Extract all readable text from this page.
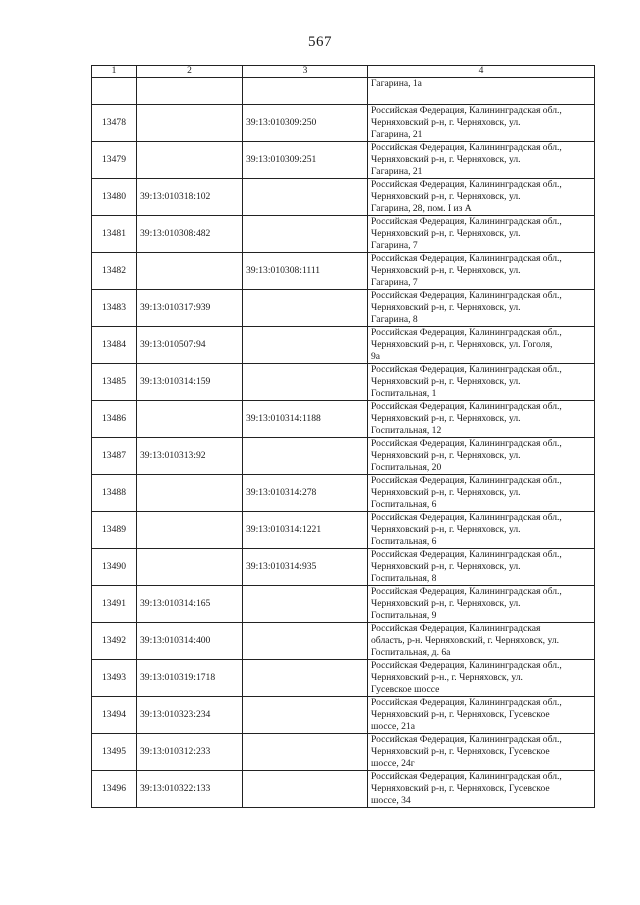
567
1	2	3	4

			Гагарина, 1а

13478		39:13:010309:250	Российская Федерация, Калининградская обл.,
Черняховский р-н, г. Черняховск, ул.
Гагарина, 21

13479		39:13:010309:251	Российская Федерация, Калининградская обл.,
Черняховский р-н, г. Черняховск, ул.
Гагарина, 21

13480	39:13:010318:102		Российская Федерация, Калининградская обл.,
Черняховский р-н, г. Черняховск, ул.
Гагарина, 28, пом. I из А

13481	39:13:010308:482		Российская Федерация, Калининградская обл.,
Черняховский р-н, г. Черняховск, ул.
Гагарина, 7

13482		39:13:010308:1111	Российская Федерация, Калининградская обл.,
Черняховский р-н, г. Черняховск, ул.
Гагарина, 7

13483	39:13:010317:939		Российская Федерация, Калининградская обл.,
Черняховский р-н, г. Черняховск, ул.
Гагарина, 8

13484	39:13:010507:94		Российская Федерация, Калининградская обл.,
Черняховский р-н, г. Черняховск, ул. Гоголя,
9а

13485	39:13:010314:159		Российская Федерация, Калининградская обл.,
Черняховский р-н, г. Черняховск, ул.
Госпитальная, 1

13486		39:13:010314:1188	Российская Федерация, Калининградская обл.,
Черняховский р-н, г. Черняховск, ул.
Госпитальная, 12

13487	39:13:010313:92		Российская Федерация, Калининградская обл.,
Черняховский р-н, г. Черняховск, ул.
Госпитальная, 20

13488		39:13:010314:278	Российская Федерация, Калининградская обл.,
Черняховский р-н, г. Черняховск, ул.
Госпитальная, 6

13489		39:13:010314:1221	Российская Федерация, Калининградская обл.,
Черняховский р-н, г. Черняховск, ул.
Госпитальная, 6

13490		39:13:010314:935	Российская Федерация, Калининградская обл.,
Черняховский р-н, г. Черняховск, ул.
Госпитальная, 8

13491	39:13:010314:165		Российская Федерация, Калининградская обл.,
Черняховский р-н, г. Черняховск, ул.
Госпитальная, 9

13492	39:13:010314:400		Российская Федерация, Калининградская
область, р-н. Черняховский, г. Черняховск, ул.
Госпитальная, д. 6а

13493	39:13:010319:1718		Российская Федерация, Калининградская обл.,
Черняховский р-н., г. Черняховск, ул.
Гусевское шоссе

13494	39:13:010323:234		Российская Федерация, Калининградская обл.,
Черняховский р-н, г. Черняховск, Гусевское
шоссе, 21а

13495	39:13:010312:233		Российская Федерация, Калининградская обл.,
Черняховский р-н, г. Черняховск, Гусевское
шоссе, 24г

13496	39:13:010322:133		Российская Федерация, Калининградская обл.,
Черняховский р-н, г. Черняховск, Гусевское
шоссе, 34
